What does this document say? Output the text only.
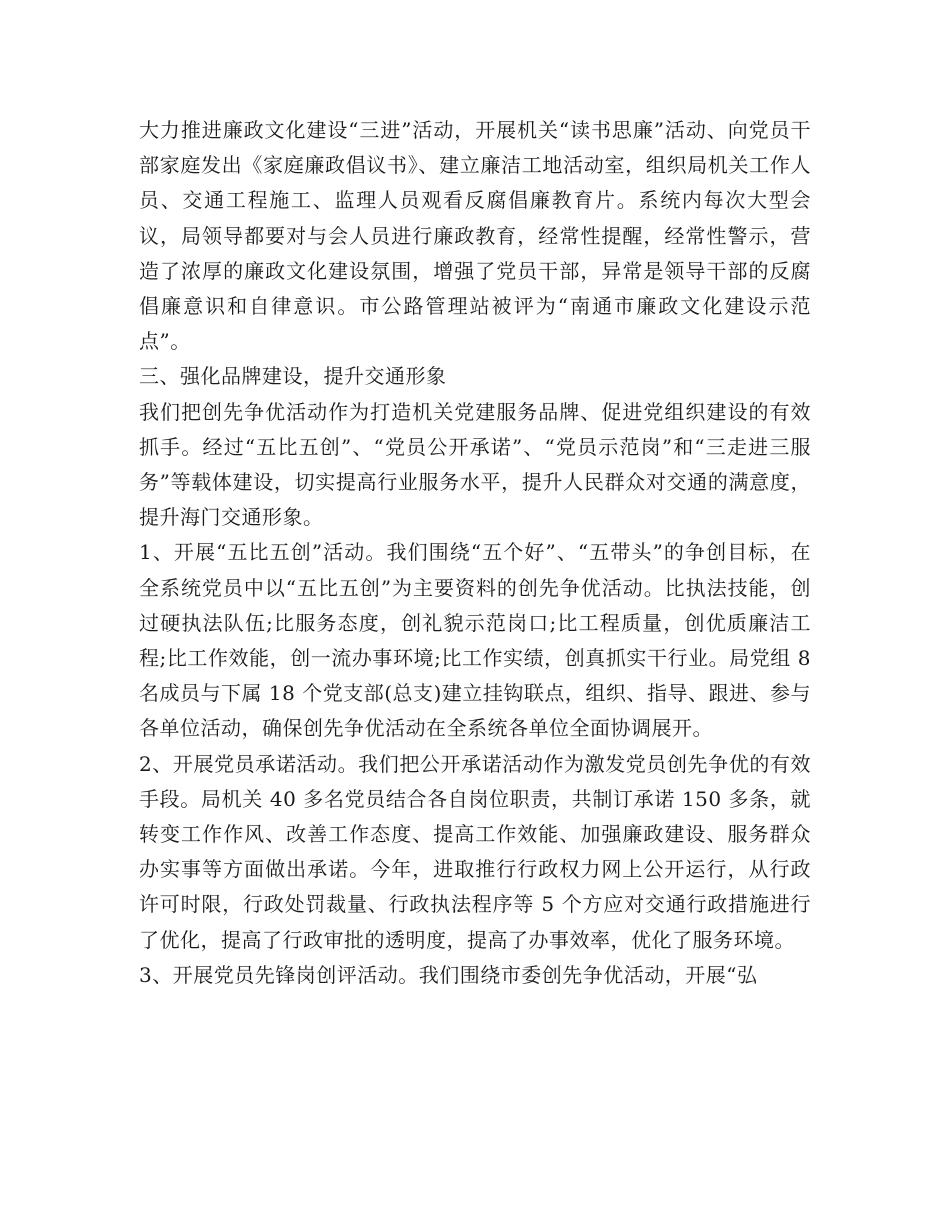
大力推进廉政文化建设“三进”活动，开展机关“读书思廉”活动、向党员干部家庭发出《家庭廉政倡议书》、建立廉洁工地活动室，组织局机关工作人员、交通工程施工、监理人员观看反腐倡廉教育片。系统内每次大型会议，局领导都要对与会人员进行廉政教育，经常性提醒，经常性警示，营造了浓厚的廉政文化建设氛围，增强了党员干部，异常是领导干部的反腐倡廉意识和自律意识。市公路管理站被评为“南通市廉政文化建设示范点”。

三、强化品牌建设，提升交通形象

我们把创先争优活动作为打造机关党建服务品牌、促进党组织建设的有效抓手。经过“五比五创”、“党员公开承诺”、“党员示范岗”和“三走进三服务”等载体建设，切实提高行业服务水平，提升人民群众对交通的满意度，提升海门交通形象。

1、开展“五比五创”活动。我们围绕“五个好”、“五带头”的争创目标，在全系统党员中以“五比五创”为主要资料的创先争优活动。比执法技能，创过硬执法队伍;比服务态度，创礼貌示范岗口;比工程质量，创优质廉洁工程;比工作效能，创一流办事环境;比工作实绩，创真抓实干行业。局党组 8 名成员与下属 18 个党支部(总支)建立挂钩联点，组织、指导、跟进、参与各单位活动，确保创先争优活动在全系统各单位全面协调展开。

2、开展党员承诺活动。我们把公开承诺活动作为激发党员创先争优的有效手段。局机关 40 多名党员结合各自岗位职责，共制订承诺 150 多条，就转变工作作风、改善工作态度、提高工作效能、加强廉政建设、服务群众办实事等方面做出承诺。今年，进取推行行政权力网上公开运行，从行政许可时限，行政处罚裁量、行政执法程序等 5 个方应对交通行政措施进行了优化，提高了行政审批的透明度，提高了办事效率，优化了服务环境。

3、开展党员先锋岗创评活动。我们围绕市委创先争优活动，开展“弘
